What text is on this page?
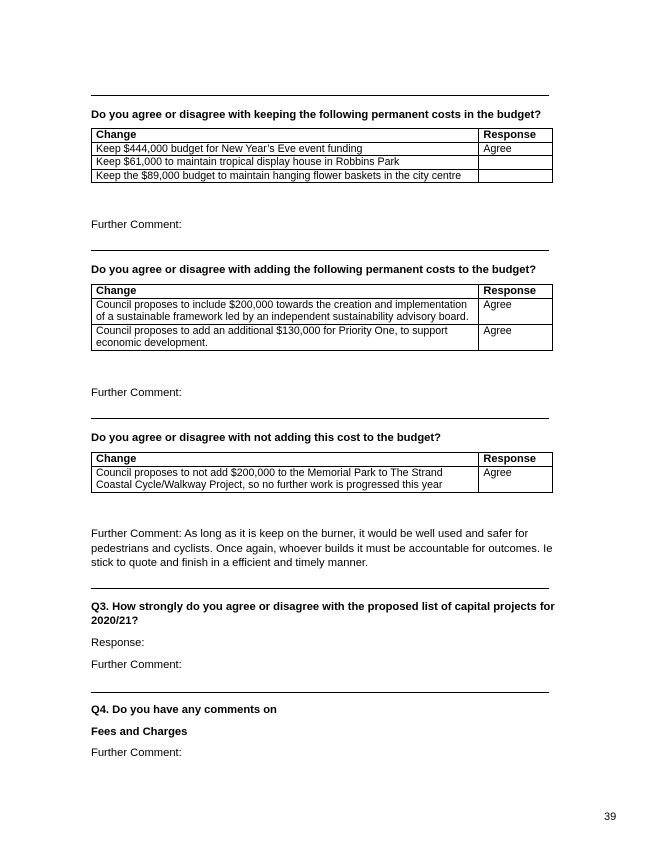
Do you agree or disagree with keeping the following permanent costs in the budget?
Change	Response
Keep $444,000 budget for New Year’s Eve event funding	Agree
Keep $61,000 to maintain tropical display house in Robbins Park	
Keep the $89,000 budget to maintain hanging flower baskets in the city centre	
Further Comment:
Do you agree or disagree with adding the following permanent costs to the budget?
Change	Response
Council proposes to include $200,000 towards the creation and implementation of a sustainable framework led by an independent sustainability advisory board.	Agree
Council proposes to add an additional $130,000 for Priority One, to support economic development.	Agree
Further Comment:
Do you agree or disagree with not adding this cost to the budget?
Change	Response
Council proposes to not add $200,000 to the Memorial Park to The Strand Coastal Cycle/Walkway Project, so no further work is progressed this year	Agree
Further Comment: As long as it is keep on the burner, it would be well used and safer for pedestrians and cyclists. Once again, whoever builds it must be accountable for outcomes. Ie stick to quote and finish in a efficient and timely manner.
Q3. How strongly do you agree or disagree with the proposed list of capital projects for 2020/21?
Response:
Further Comment:
Q4. Do you have any comments on
Fees and Charges
Further Comment:
39
